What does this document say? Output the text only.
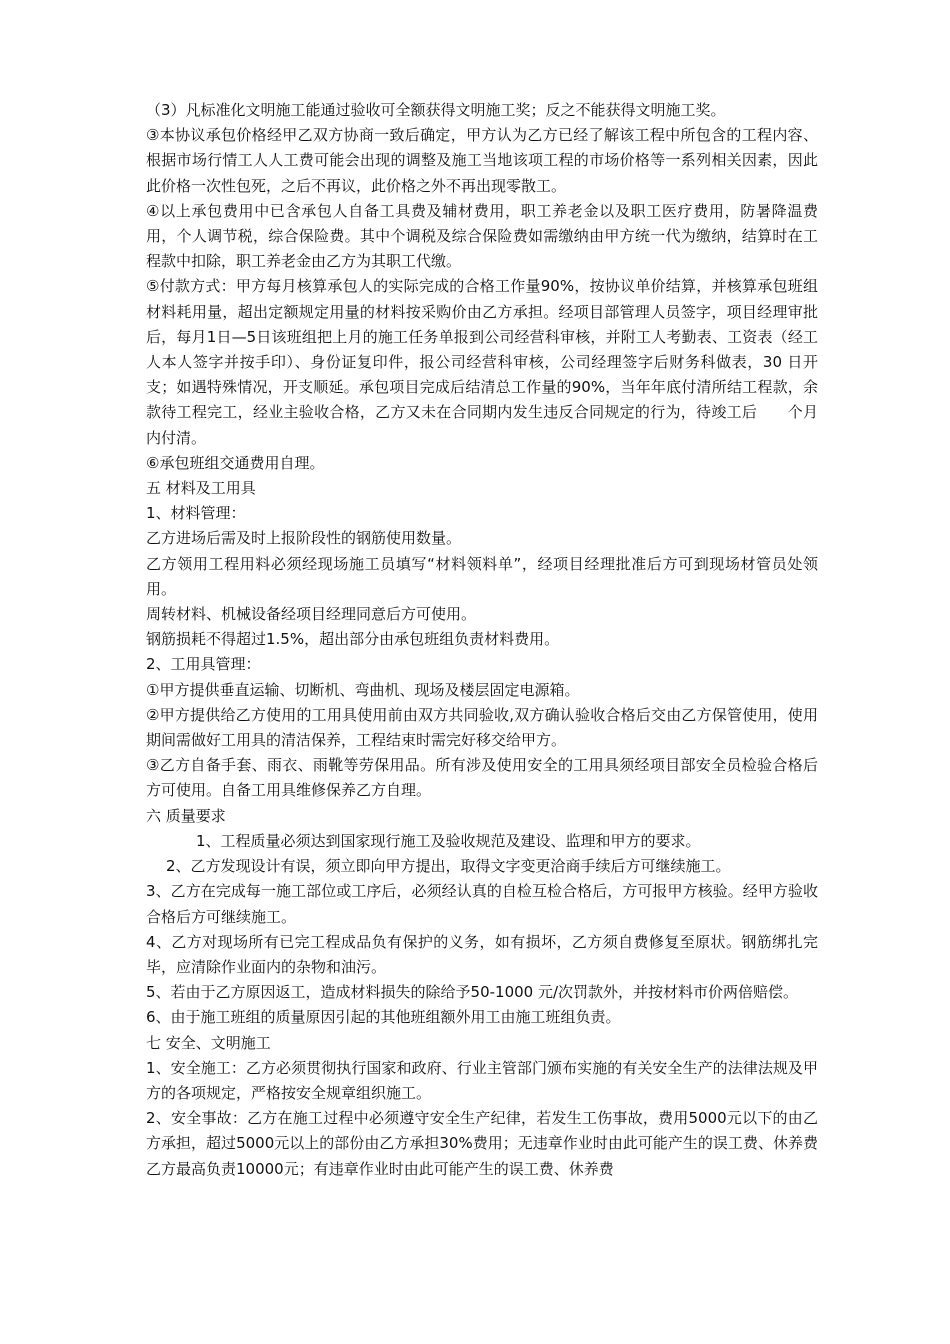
（3）凡标准化文明施工能通过验收可全额获得文明施工奖；反之不能获得文明施工奖。

③本协议承包价格经甲乙双方协商一致后确定，甲方认为乙方已经了解该工程中所包含的工程内容、根据市场行情工人人工费可能会出现的调整及施工当地该项工程的市场价格等一系列相关因素，因此此价格一次性包死，之后不再议，此价格之外不再出现零散工。

④以上承包费用中已含承包人自备工具费及辅材费用，职工养老金以及职工医疗费用，防暑降温费用，个人调节税，综合保险费。其中个调税及综合保险费如需缴纳由甲方统一代为缴纳，结算时在工程款中扣除，职工养老金由乙方为其职工代缴。

⑤付款方式：甲方每月核算承包人的实际完成的合格工作量90%，按协议单价结算，并核算承包班组材料耗用量，超出定额规定用量的材料按采购价由乙方承担。经项目部管理人员签字，项目经理审批后，每月1日—5日该班组把上月的施工任务单报到公司经营科审核，并附工人考勤表、工资表（经工人本人签字并按手印）、身份证复印件，报公司经营科审核，公司经理签字后财务科做表，30 日开支；如遇特殊情况，开支顺延。承包项目完成后结清总工作量的90%，当年年底付清所结工程款，余款待工程完工，经业主验收合格，乙方又未在合同期内发生违反合同规定的行为，待竣工后　　个月内付清。

⑥承包班组交通费用自理。

五 材料及工用具

1、材料管理：

乙方进场后需及时上报阶段性的钢筋使用数量。

乙方领用工程用料必须经现场施工员填写“材料领料单”，经项目经理批准后方可到现场材管员处领用。

周转材料、机械设备经项目经理同意后方可使用。

钢筋损耗不得超过1.5%，超出部分由承包班组负责材料费用。

2、工用具管理：

①甲方提供垂直运输、切断机、弯曲机、现场及楼层固定电源箱。

②甲方提供给乙方使用的工用具使用前由双方共同验收,双方确认验收合格后交由乙方保管使用，使用期间需做好工用具的清洁保养，工程结束时需完好移交给甲方。

③乙方自备手套、雨衣、雨靴等劳保用品。所有涉及使用安全的工用具须经项目部安全员检验合格后方可使用。自备工用具维修保养乙方自理。

六 质量要求

1、工程质量必须达到国家现行施工及验收规范及建设、监理和甲方的要求。

2、乙方发现设计有误，须立即向甲方提出，取得文字变更洽商手续后方可继续施工。

3、乙方在完成每一施工部位或工序后，必须经认真的自检互检合格后，方可报甲方核验。经甲方验收合格后方可继续施工。

4、乙方对现场所有已完工程成品负有保护的义务，如有损坏，乙方须自费修复至原状。钢筋绑扎完毕，应清除作业面内的杂物和油污。

5、若由于乙方原因返工，造成材料损失的除给予50-1000 元/次罚款外，并按材料市价两倍赔偿。

6、由于施工班组的质量原因引起的其他班组额外用工由施工班组负责。

七 安全、文明施工

1、安全施工：乙方必须贯彻执行国家和政府、行业主管部门颁布实施的有关安全生产的法律法规及甲方的各项规定，严格按安全规章组织施工。

2、安全事故：乙方在施工过程中必须遵守安全生产纪律，若发生工伤事故，费用5000元以下的由乙方承担，超过5000元以上的部份由乙方承担30%费用；无违章作业时由此可能产生的误工费、休养费乙方最高负责10000元；有违章作业时由此可能产生的误工费、休养费
